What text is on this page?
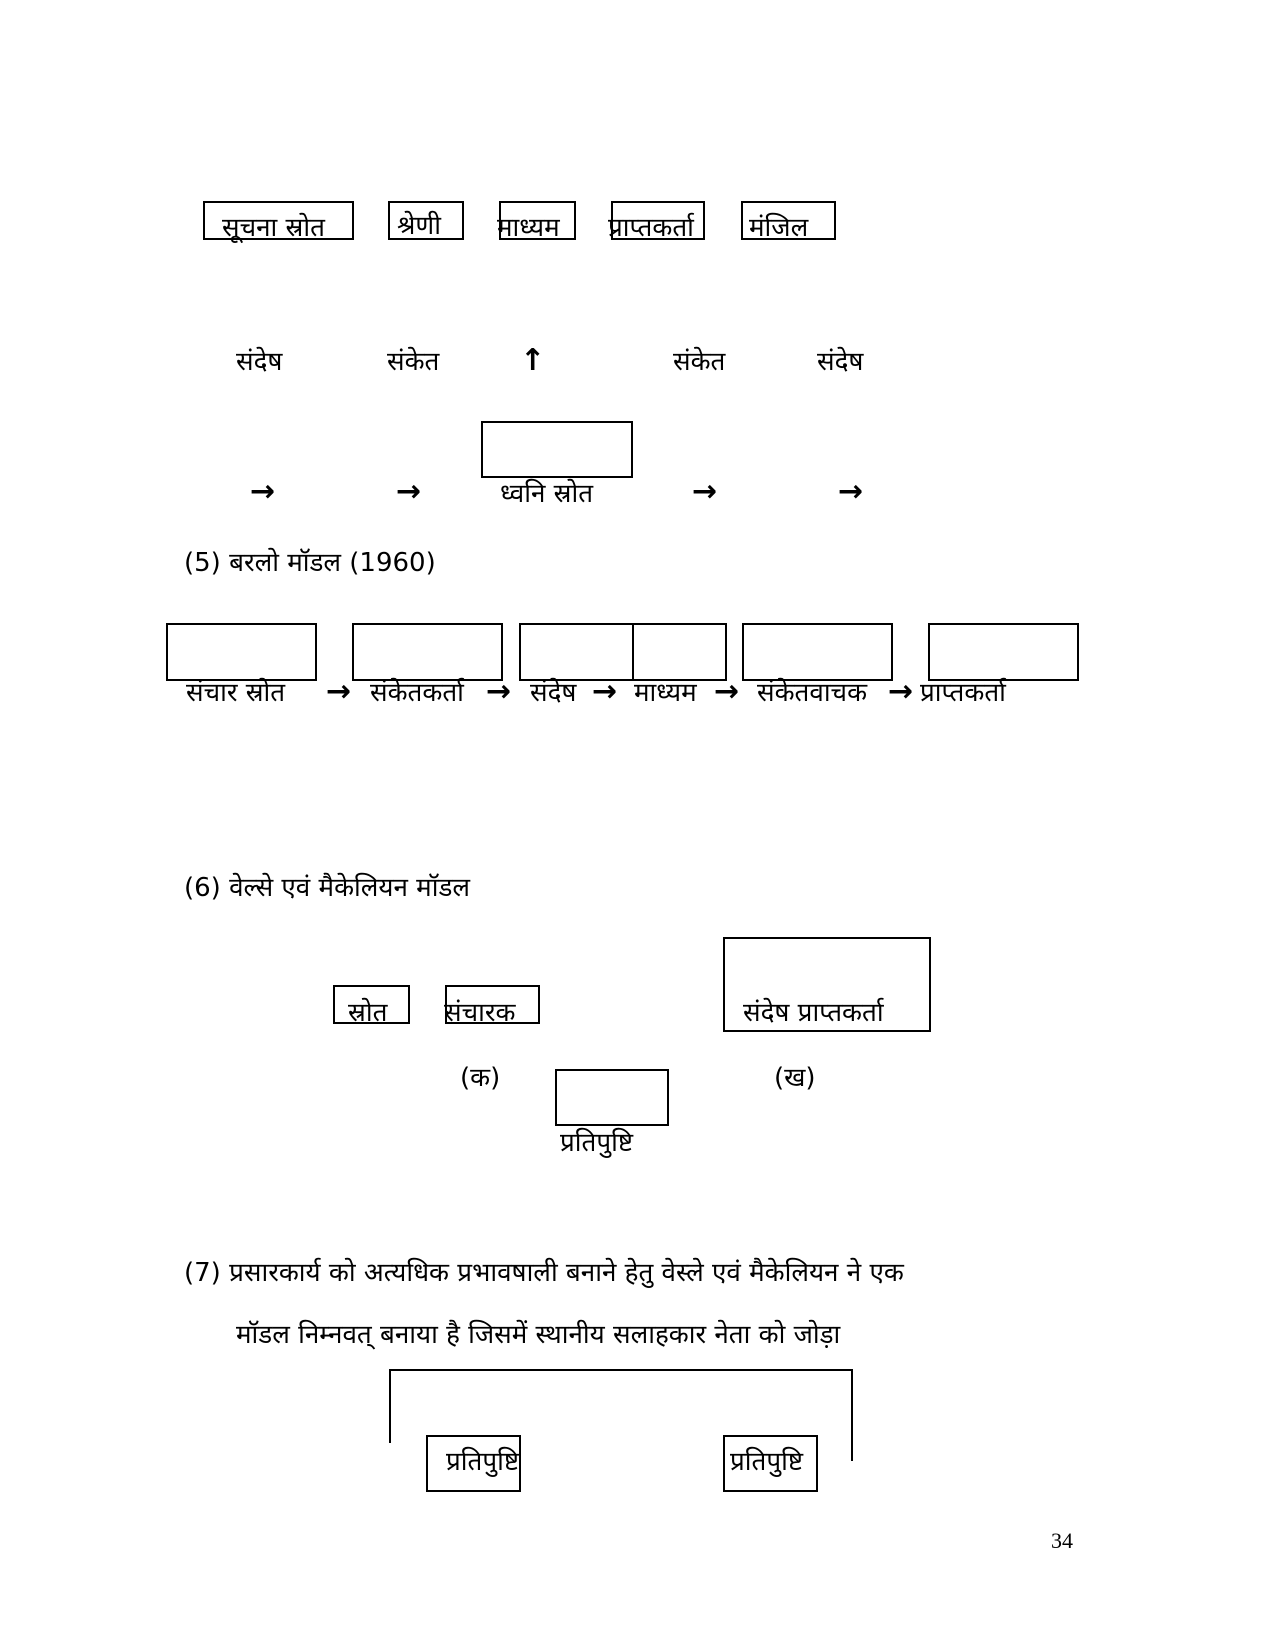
सूचना स्रोत	श्रेणी माध्यम प्राप्तकर्ता मंजिल
संदेष	संकेत	↑	संकेत	संदेष
ध्वनि स्रोत
→	→	→	→
(5) बरलो मॉडल (1960)
संचार स्रोत → संकेतकर्ता → संदेष → माध्यम → संकेतवाचक → प्राप्तकर्ता
(6) वेल्से एवं मैकेलियन मॉडल
स्रोत संचारक	संदेष प्राप्तकर्ता
(क)	(ख)
प्रतिपुष्टि
(7) प्रसारकार्य को अत्यधिक प्रभावषाली बनाने हेतु वेस्ले एवं मैकेलियन ने एक
मॉडल निम्नवत् बनाया है जिसमें स्थानीय सलाहकार नेता को जोड़ा
प्रतिपुष्टि	प्रतिपुष्टि
34
